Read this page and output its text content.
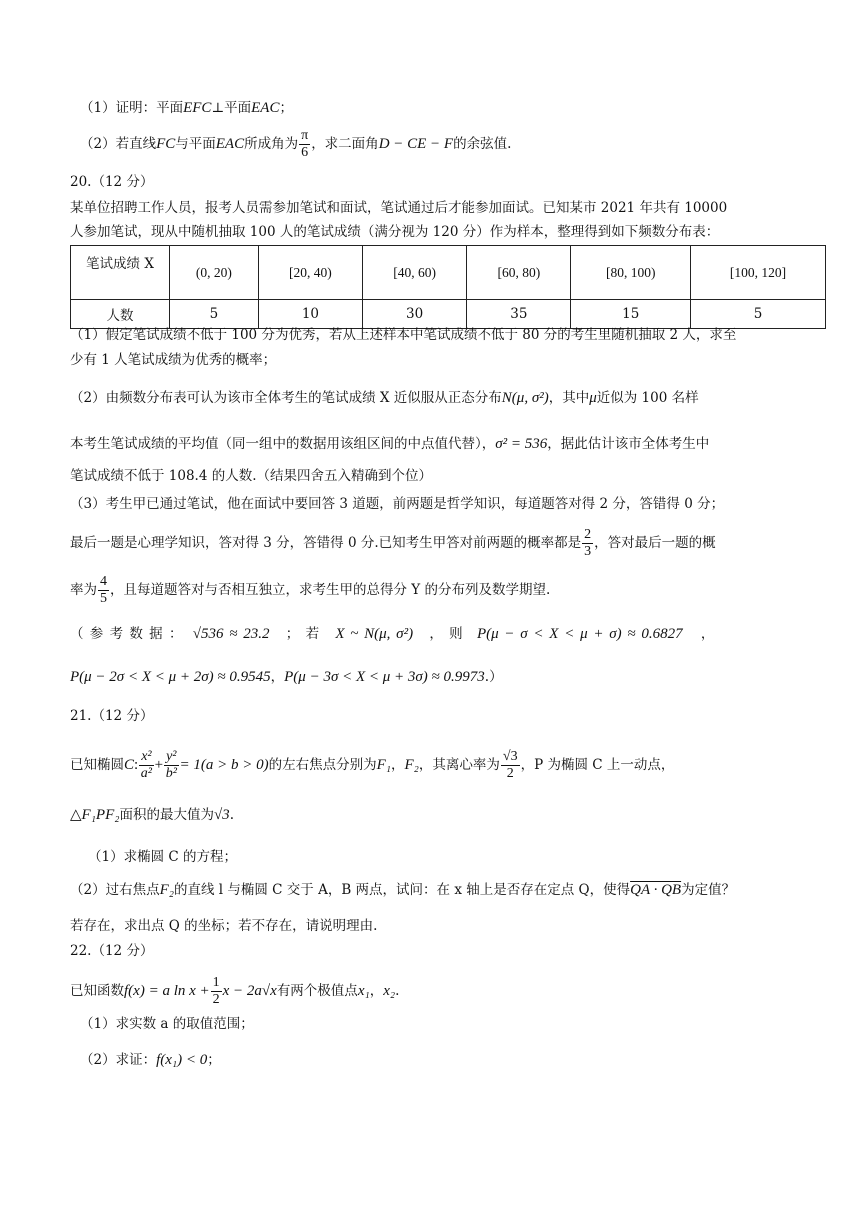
（1）证明：平面EFC⊥平面EAC；
（2）若直线FC与平面EAC所成角为 $\frac{\pi}{6}$ ，求二面角D − CE − F的余弦值.
20.（12 分）
某单位招聘工作人员，报考人员需参加笔试和面试，笔试通过后才能参加面试。已知某市 2021 年共有 10000
人参加笔试，现从中随机抽取 100 人的笔试成绩（满分视为 120 分）作为样本，整理得到如下频数分布表：
笔试成绩 X	(0, 20)	[20, 40)	[40, 60)	[60, 80)	[80, 100)	[100, 120]
人数	5	10	30	35	15	5
（1）假定笔试成绩不低于 100 分为优秀，若从上述样本中笔试成绩不低于 80 分的考生里随机抽取 2 人，求至
少有 1 人笔试成绩为优秀的概率；
（2）由频数分布表可认为该市全体考生的笔试成绩 X 近似服从正态分布N(μ, σ²)，其中μ近似为 100 名样
本考生笔试成绩的平均值（同一组中的数据用该组区间的中点值代替），σ² = 536，据此估计该市全体考生中
笔试成绩不低于 108.4 的人数.（结果四舍五入精确到个位）
（3）考生甲已通过笔试，他在面试中要回答 3 道题，前两题是哲学知识，每道题答对得 2 分，答错得 0 分；
最后一题是心理学知识，答对得 3 分，答错得 0 分.已知考生甲答对前两题的概率都是 $\frac{2}{3}$ ，答对最后一题的概
率为 $\frac{4}{5}$ ，且每道题答对与否相互独立，求考生甲的总得分 Y 的分布列及数学期望.
（ 参 考 数 据 ： √536 ≈ 23.2 ； 若 X ~ N(μ, σ²) ， 则 P(μ − σ < X < μ + σ) ≈ 0.6827 ，
P(μ − 2σ < X < μ + 2σ) ≈ 0.9545，P(μ − 3σ < X < μ + 3σ) ≈ 0.9973.）
21.（12 分）
已知椭圆C: $\frac{\text{x²}}{\text{a²}} + \frac{\text{y²}}{\text{b²}} = 1(a > b > 0)$的左右焦点分别为F₁，F₂，其离心率为 $\frac{√3}{2}$ ，P 为椭圆 C 上一动点，
△F₁PF₂面积的最大值为√3.
（1）求椭圆 C 的方程；
（2）过右焦点F₂的直线 l 与椭圆 C 交于 A，B 两点，试问：在 x 轴上是否存在定点 Q，使得QA · QB为定值？
若存在，求出点 Q 的坐标；若不存在，请说明理由.
22.（12 分）
已知函数f(x) = a $\ln x + \frac{1}{2}$ x − 2a√x有两个极值点x₁，x₂.
（1）求实数 a 的取值范围；
（2）求证：f(x₁) < 0；
